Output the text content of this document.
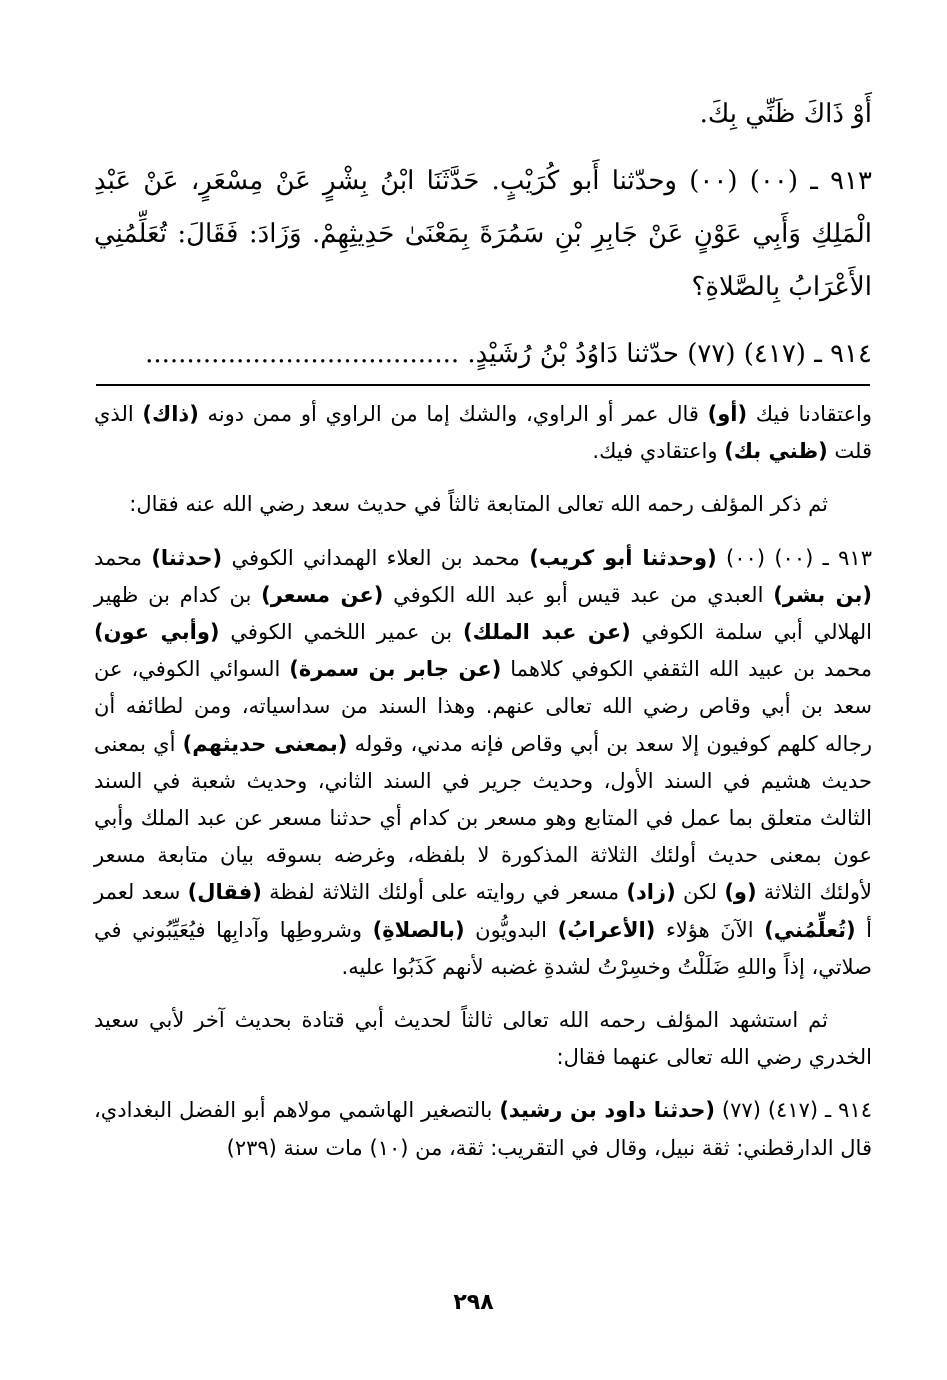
أَوْ ذَاكَ ظَنِّي بِكَ.

٩١٣ ـ (٠٠) (٠٠) وحدّثنا أَبو كُرَيْبٍ. حَدَّثَنَا ابْنُ بِشْرٍ عَنْ مِسْعَرٍ، عَنْ عَبْدِ الْمَلِكِ وَأَبِي عَوْنٍ عَنْ جَابِرِ بْنِ سَمُرَةَ بِمَعْنَىٰ حَدِيثِهِمْ. وَزَادَ: فَقَالَ: تُعَلِّمُنِي الأَعْرَابُ بِالصَّلاةِ؟

٩١٤ ـ (٤١٧) (٧٧) حدّثنا دَاوُدُ بْنُ رُشَيْدٍ. ......................................

واعتقادنا فيك (أو) قال عمر أو الراوي، والشك إما من الراوي أو ممن دونه (ذاك) الذي قلت (ظني بك) واعتقادي فيك.

ثم ذكر المؤلف رحمه الله تعالى المتابعة ثالثاً في حديث سعد رضي الله عنه فقال:

٩١٣ ـ (٠٠) (٠٠) (وحدثنا أبو كريب) محمد بن العلاء الهمداني الكوفي (حدثنا) محمد (بن بشر) العبدي من عبد قيس أبو عبد الله الكوفي (عن مسعر) بن كدام بن ظهير الهلالي أبي سلمة الكوفي (عن عبد الملك) بن عمير اللخمي الكوفي (وأبي عون) محمد بن عبيد الله الثقفي الكوفي كلاهما (عن جابر بن سمرة) السوائي الكوفي، عن سعد بن أبي وقاص رضي الله تعالى عنهم. وهذا السند من سداسياته، ومن لطائفه أن رجاله كلهم كوفيون إلا سعد بن أبي وقاص فإنه مدني، وقوله (بمعنى حديثهم) أي بمعنى حديث هشيم في السند الأول، وحديث جرير في السند الثاني، وحديث شعبة في السند الثالث متعلق بما عمل في المتابع وهو مسعر بن كدام أي حدثنا مسعر عن عبد الملك وأبي عون بمعنى حديث أولئك الثلاثة المذكورة لا بلفظه، وغرضه بسوقه بيان متابعة مسعر لأولئك الثلاثة (و) لكن (زاد) مسعر في روايته على أولئك الثلاثة لفظة (فقال) سعد لعمر أ (تُعلِّمُني) الآنَ هؤلاء (الأعرابُ) البدويُّون (بالصلاةِ) وشروطِها وآدابِها فيُعَيِّبُوني في صلاتي، إذاً واللهِ ضَلَلْتُ وخسِرْتُ لشدةِ غضبه لأنهم كَذَبُوا عليه.

ثم استشهد المؤلف رحمه الله تعالى ثالثاً لحديث أبي قتادة بحديث آخر لأبي سعيد الخدري رضي الله تعالى عنهما فقال:

٩١٤ ـ (٤١٧) (٧٧) (حدثنا داود بن رشيد) بالتصغير الهاشمي مولاهم أبو الفضل البغدادي، قال الدارقطني: ثقة نبيل، وقال في التقريب: ثقة، من (١٠) مات سنة (٢٣٩)

٢٩٨
